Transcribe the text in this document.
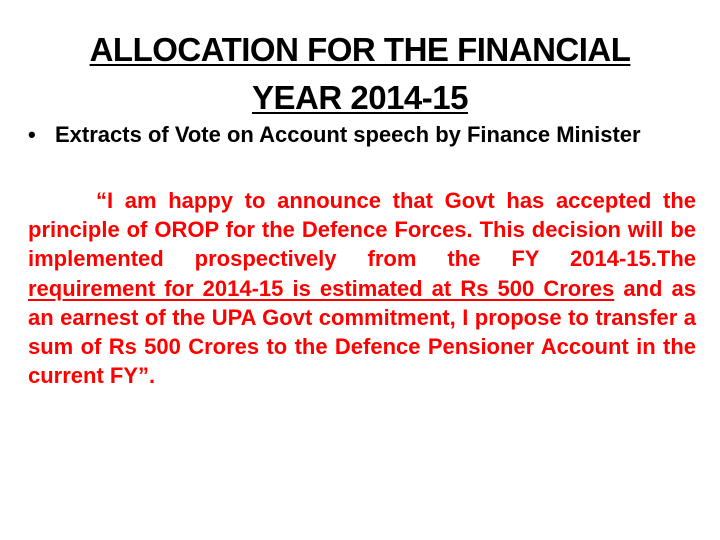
ALLOCATION FOR THE FINANCIAL
YEAR 2014-15
• Extracts of Vote on Account speech by Finance Minister
“I am happy to announce that Govt has accepted the principle of OROP for the Defence Forces. This decision will be implemented prospectively from the FY 2014-15.The requirement for 2014-15 is estimated at Rs 500 Crores and as an earnest of the UPA Govt commitment, I propose to transfer a sum of Rs 500 Crores to the Defence Pensioner Account in the current FY”.
